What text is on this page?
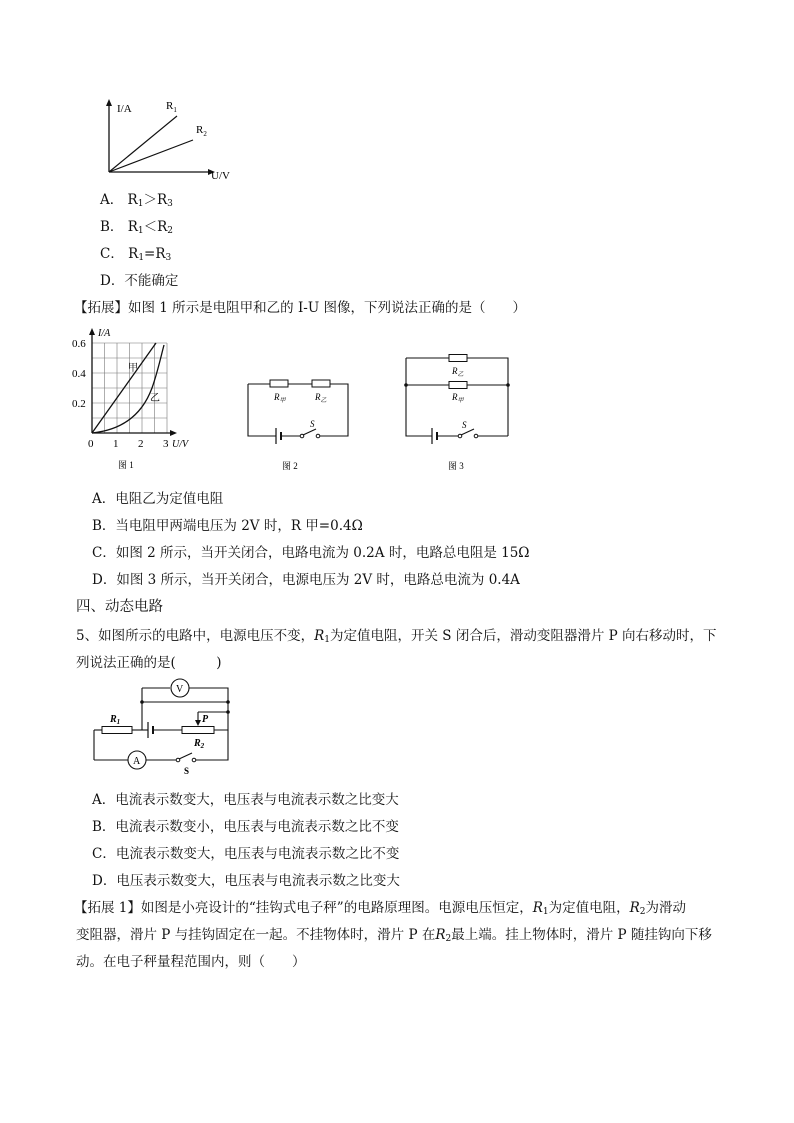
I/A
U/V
$R_1$
$R_2$
A． $R_1>R_3$
B． $R_1<R_2$
C． $R_1=R_3$
D．不能确定
【拓展】如图 1 所示是电阻甲和乙的 I-U 图像，下列说法正确的是（　　）
I/A
0.6
0.4
0.2
0 1 2 3 U/V
甲
乙
图 1
$R_甲$	$R_乙$
S
图 2
$R_乙$
$R_甲$
S
图 3
A．电阻乙为定值电阻
B．当电阻甲两端电压为 2V 时，R 甲=0.4Ω
C．如图 2 所示，当开关闭合，电路电流为 0.2A 时，电路总电阻是 15Ω
D．如图 3 所示，当开关闭合，电源电压为 2V 时，电路总电流为 0.4A
四、动态电路
5、如图所示的电路中，电源电压不变，$R_1$为定值电阻，开关 S 闭合后，滑动变阻器滑片 P 向右移动时，下
列说法正确的是(　　　)
V
A
$R_1$
$R_2$
P
S
A．电流表示数变大，电压表与电流表示数之比变大
B．电流表示数变小，电压表与电流表示数之比不变
C．电流表示数变大，电压表与电流表示数之比不变
D．电压表示数变大，电压表与电流表示数之比变大
【拓展 1】如图是小亮设计的“挂钩式电子秤”的电路原理图。电源电压恒定，$R_1$为定值电阻，$R_2$为滑动
变阻器，滑片 P 与挂钩固定在一起。不挂物体时，滑片 P 在$R_2$最上端。挂上物体时，滑片 P 随挂钩向下移
动。在电子秤量程范围内，则（　　）
